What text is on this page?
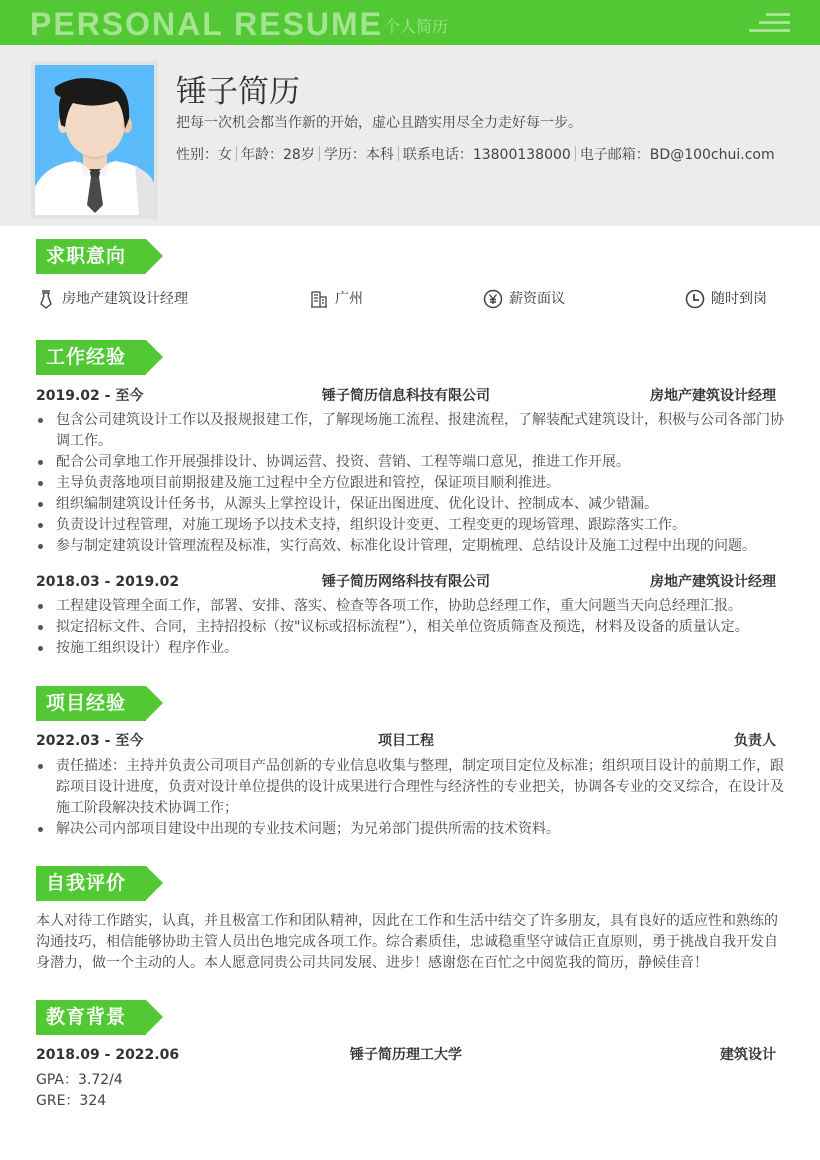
PERSONAL RESUME 个人简历
锤子简历
把每一次机会都当作新的开始，虚心且踏实用尽全力走好每一步。
性别：女 年龄：28岁 学历：本科 联系电话：13800138000 电子邮箱：BD@100chui.com
求职意向
房地产建筑设计经理	广州	薪资面议	随时到岗
工作经验
2019.02 - 至今	锤子简历信息科技有限公司	房地产建筑设计经理
包含公司建筑设计工作以及报规报建工作，了解现场施工流程、报建流程，了解装配式建筑设计，积极与公司各部门协调工作。
配合公司拿地工作开展强排设计、协调运营、投资、营销、工程等端口意见，推进工作开展。
主导负责落地项目前期报建及施工过程中全方位跟进和管控，保证项目顺利推进。
组织编制建筑设计任务书，从源头上掌控设计，保证出图进度、优化设计、控制成本、减少错漏。
负责设计过程管理，对施工现场予以技术支持，组织设计变更、工程变更的现场管理、跟踪落实工作。
参与制定建筑设计管理流程及标准，实行高效、标准化设计管理，定期梳理、总结设计及施工过程中出现的问题。
2018.03 - 2019.02	锤子简历网络科技有限公司	房地产建筑设计经理
工程建设管理全面工作，部署、安排、落实、检查等各项工作，协助总经理工作，重大问题当天向总经理汇报。
拟定招标文件、合同，主持招投标（按"议标或招标流程”），相关单位资质筛查及预选，材料及设备的质量认定。
按施工组织设计）程序作业。
项目经验
2022.03 - 至今	项目工程	负责人
责任描述：主持并负责公司项目产品创新的专业信息收集与整理，制定项目定位及标准；组织项目设计的前期工作，跟踪项目设计进度，负责对设计单位提供的设计成果进行合理性与经济性的专业把关，协调各专业的交叉综合，在设计及施工阶段解决技术协调工作；
解决公司内部项目建设中出现的专业技术问题；为兄弟部门提供所需的技术资料。
自我评价
本人对待工作踏实，认真，并且极富工作和团队精神，因此在工作和生活中结交了许多朋友，具有良好的适应性和熟练的沟通技巧，相信能够协助主管人员出色地完成各项工作。综合素质佳，忠诚稳重坚守诚信正直原则，勇于挑战自我开发自身潜力，做一个主动的人。本人愿意同贵公司共同发展、进步！感谢您在百忙之中阅览我的简历，静候佳音！
教育背景
2018.09 - 2022.06	锤子简历理工大学	建筑设计
GPA：3.72/4
GRE：324
